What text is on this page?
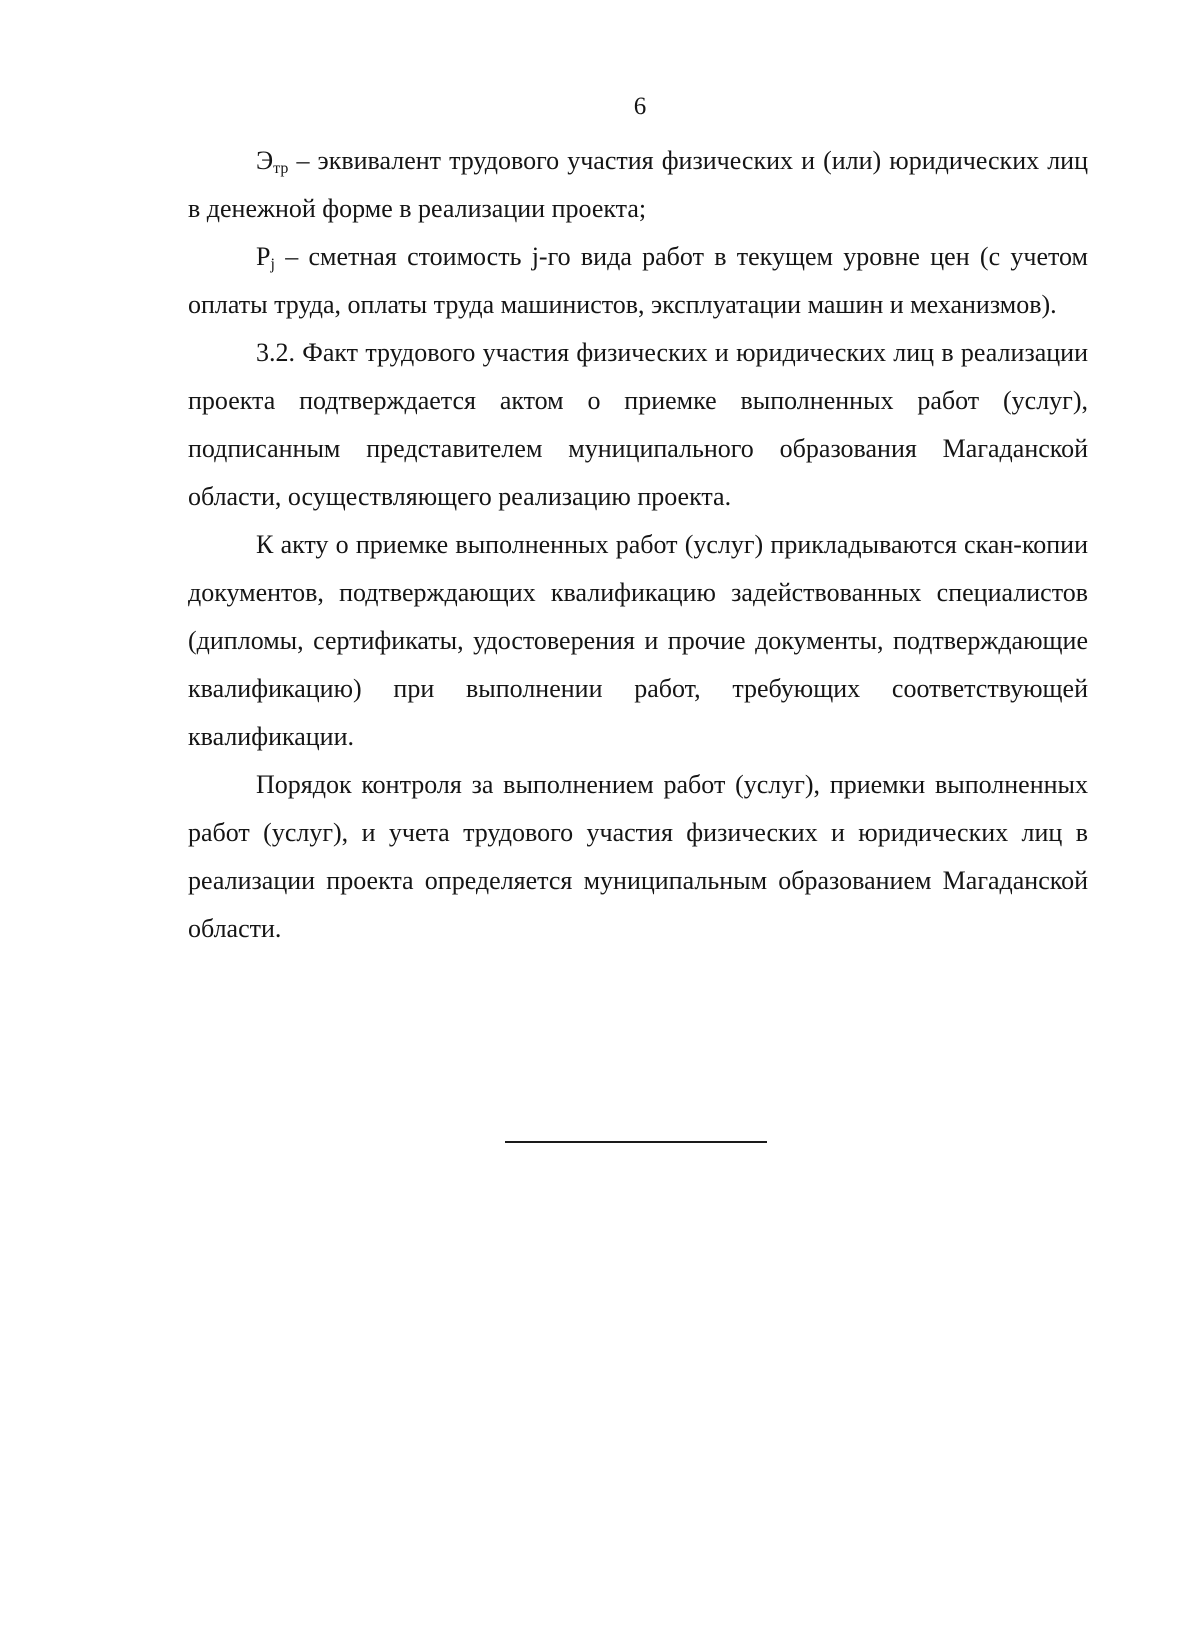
6

$Э_{тр}$ – эквивалент трудового участия физических и (или) юридических лиц в денежной форме в реализации проекта;

$P_j$ – сметная стоимость j-го вида работ в текущем уровне цен (с учетом оплаты труда, оплаты труда машинистов, эксплуатации машин и механизмов).

3.2. Факт трудового участия физических и юридических лиц в реализации проекта подтверждается актом о приемке выполненных работ (услуг), подписанным представителем муниципального образования Магаданской области, осуществляющего реализацию проекта.

К акту о приемке выполненных работ (услуг) прикладываются скан-копии документов, подтверждающих квалификацию задействованных специалистов (дипломы, сертификаты, удостоверения и прочие документы, подтверждающие квалификацию) при выполнении работ, требующих соответствующей квалификации.

Порядок контроля за выполнением работ (услуг), приемки выполненных работ (услуг), и учета трудового участия физических и юридических лиц в реализации проекта определяется муниципальным образованием Магаданской области.
